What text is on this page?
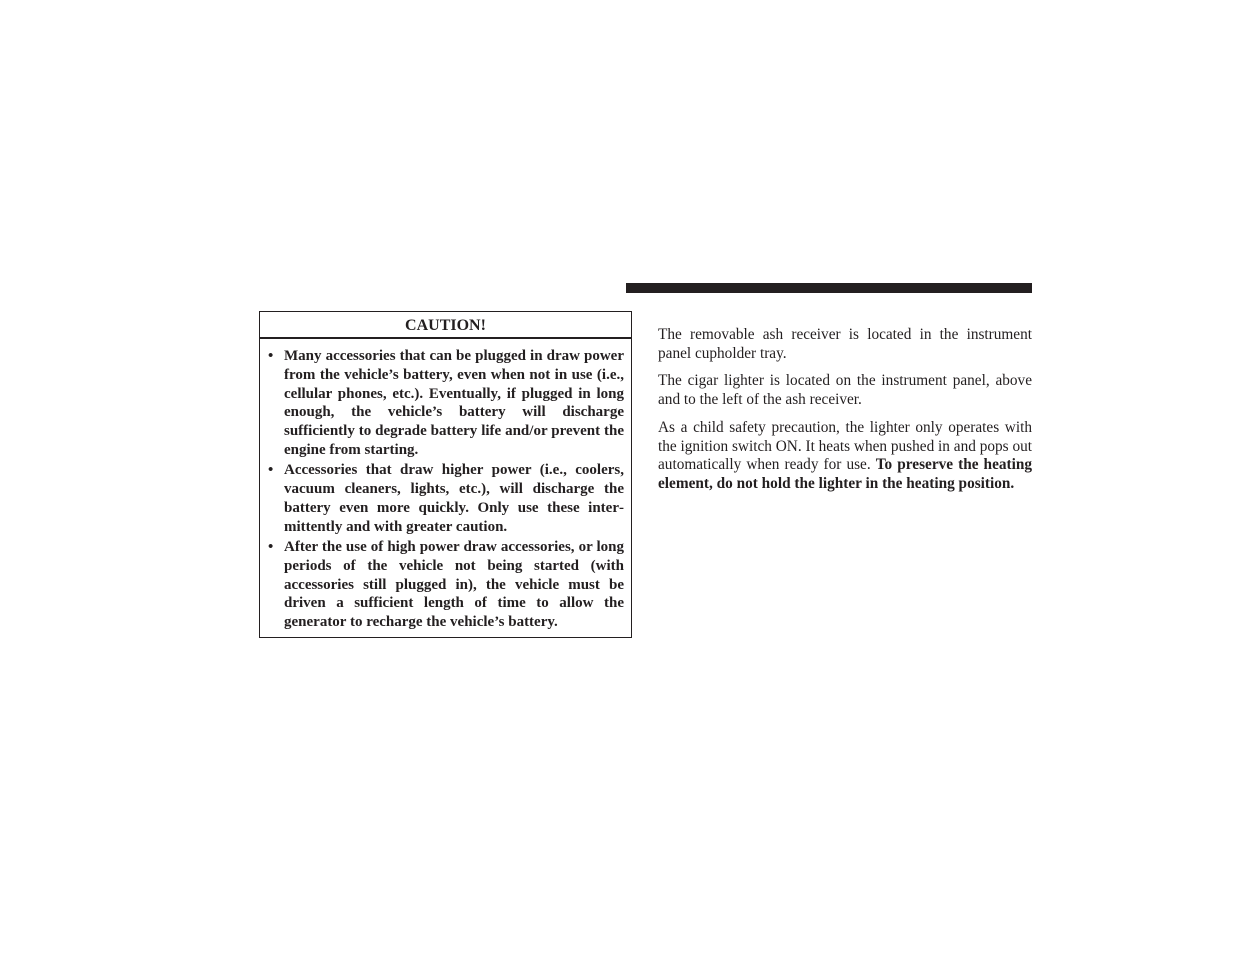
CAUTION!
• Many accessories that can be plugged in draw power from the vehicle’s battery, even when not in use (i.e., cellular phones, etc.). Eventually, if plugged in long enough, the vehicle’s battery will discharge sufficiently to degrade battery life and/or prevent the engine from starting.
• Accessories that draw higher power (i.e., coolers, vacuum cleaners, lights, etc.), will discharge the battery even more quickly. Only use these intermittently and with greater caution.
• After the use of high power draw accessories, or long periods of the vehicle not being started (with accessories still plugged in), the vehicle must be driven a sufficient length of time to allow the generator to recharge the vehicle’s battery.

The removable ash receiver is located in the instrument panel cupholder tray.

The cigar lighter is located on the instrument panel, above and to the left of the ash receiver.

As a child safety precaution, the lighter only operates with the ignition switch ON. It heats when pushed in and pops out automatically when ready for use. To preserve the heating element, do not hold the lighter in the heating position.
